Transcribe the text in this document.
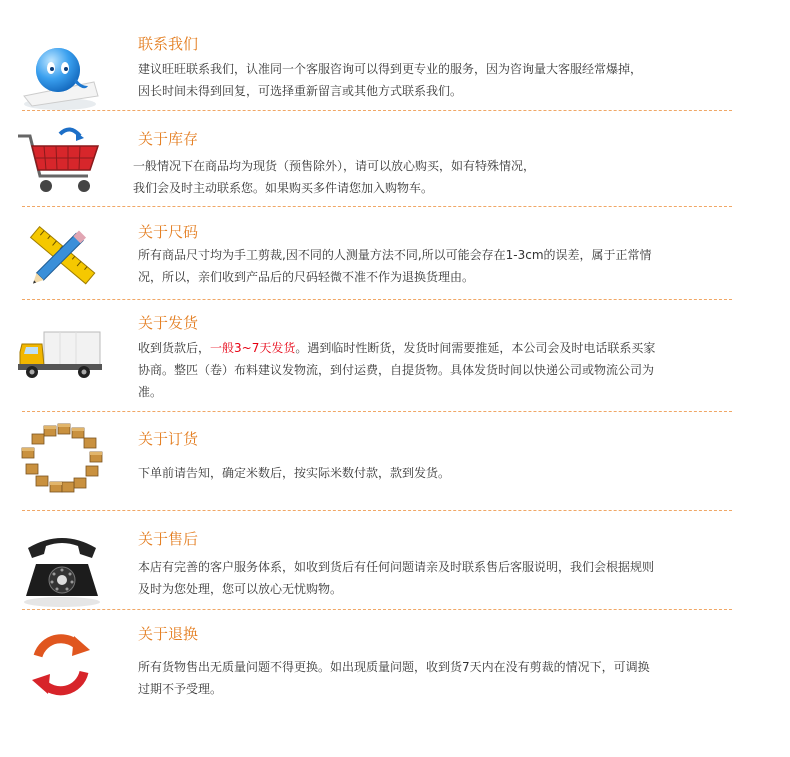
联系我们
建议旺旺联系我们，认准同一个客服咨询可以得到更专业的服务，因为咨询量大客服经常爆掉，
因长时间未得到回复，可选择重新留言或其他方式联系我们。
关于库存
一般情况下在商品均为现货（预售除外），请可以放心购买，如有特殊情况，
我们会及时主动联系您。如果购买多件请您加入购物车。
关于尺码
所有商品尺寸均为手工剪裁,因不同的人测量方法不同,所以可能会存在1-3cm的误差，属于正常情
况，所以，亲们收到产品后的尺码轻微不准不作为退换货理由。
关于发货
收到货款后，一般3~7天发货。遇到临时性断货，发货时间需要推延，本公司会及时电话联系买家
协商。整匹（卷）布料建议发物流，到付运费，自提货物。具体发货时间以快递公司或物流公司为
准。
关于订货
下单前请告知，确定米数后，按实际米数付款，款到发货。
关于售后
本店有完善的客户服务体系，如收到货后有任何问题请亲及时联系售后客服说明，我们会根据规则
及时为您处理，您可以放心无忧购物。
关于退换
所有货物售出无质量问题不得更换。如出现质量问题，收到货7天内在没有剪裁的情况下，可调换
过期不予受理。
